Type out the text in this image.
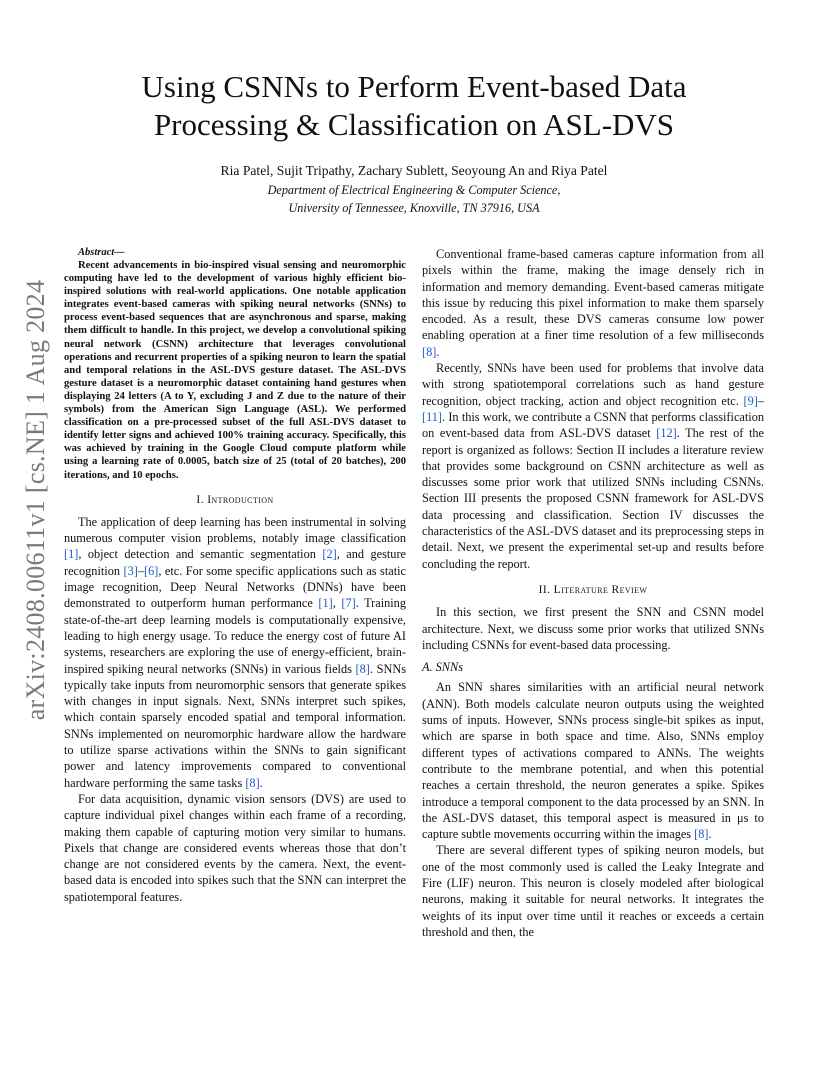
arXiv:2408.00611v1 [cs.NE] 1 Aug 2024
Using CSNNs to Perform Event-based Data
Processing & Classification on ASL-DVS
Ria Patel, Sujit Tripathy, Zachary Sublett, Seoyoung An and Riya Patel
Department of Electrical Engineering & Computer Science,
University of Tennessee, Knoxville, TN 37916, USA
Abstract—

Recent advancements in bio-inspired visual sensing and neuromorphic computing have led to the development of various highly efficient bio-inspired solutions with real-world applications. One notable application integrates event-based cameras with spiking neural networks (SNNs) to process event-based sequences that are asynchronous and sparse, making them difficult to handle. In this project, we develop a convolutional spiking neural network (CSNN) architecture that leverages convolutional operations and recurrent properties of a spiking neuron to learn the spatial and temporal relations in the ASL-DVS gesture dataset. The ASL-DVS gesture dataset is a neuromorphic dataset containing hand gestures when displaying 24 letters (A to Y, excluding J and Z due to the nature of their symbols) from the American Sign Language (ASL). We performed classification on a pre-processed subset of the full ASL-DVS dataset to identify letter signs and achieved 100% training accuracy. Specifically, this was achieved by training in the Google Cloud compute platform while using a learning rate of 0.0005, batch size of 25 (total of 20 batches), 200 iterations, and 10 epochs.

I. Introduction

The application of deep learning has been instrumental in solving numerous computer vision problems, notably image classification [1], object detection and semantic segmentation [2], and gesture recognition [3]–[6], etc. For some specific applications such as static image recognition, Deep Neural Networks (DNNs) have been demonstrated to outperform human performance [1], [7]. Training state-of-the-art deep learning models is computationally expensive, leading to high energy usage. To reduce the energy cost of future AI systems, researchers are exploring the use of energy-efficient, brain-inspired spiking neural networks (SNNs) in various fields [8]. SNNs typically take inputs from neuromorphic sensors that generate spikes with changes in input signals. Next, SNNs interpret such spikes, which contain sparsely encoded spatial and temporal information. SNNs implemented on neuromorphic hardware allow the hardware to utilize sparse activations within the SNNs to gain significant power and latency improvements compared to conventional hardware performing the same tasks [8].

For data acquisition, dynamic vision sensors (DVS) are used to capture individual pixel changes within each frame of a recording, making them capable of capturing motion very similar to humans. Pixels that change are considered events whereas those that don’t change are not considered events by the camera. Next, the event-based data is encoded into spikes such that the SNN can interpret the spatiotemporal features.

Conventional frame-based cameras capture information from all pixels within the frame, making the image densely rich in information and memory demanding. Event-based cameras mitigate this issue by reducing this pixel information to make them sparsely encoded. As a result, these DVS cameras consume low power enabling operation at a finer time resolution of a few milliseconds [8].

Recently, SNNs have been used for problems that involve data with strong spatiotemporal correlations such as hand gesture recognition, object tracking, action and object recognition etc. [9]–[11]. In this work, we contribute a CSNN that performs classification on event-based data from ASL-DVS dataset [12]. The rest of the report is organized as follows: Section II includes a literature review that provides some background on CSNN architecture as well as discusses some prior work that utilized SNNs including CSNNs. Section III presents the proposed CSNN framework for ASL-DVS data processing and classification. Section IV discusses the characteristics of the ASL-DVS dataset and its preprocessing steps in detail. Next, we present the experimental set-up and results before concluding the report.

II. Literature Review

In this section, we first present the SNN and CSNN model architecture. Next, we discuss some prior works that utilized SNNs including CSNNs for event-based data processing.

A. SNNs

An SNN shares similarities with an artificial neural network (ANN). Both models calculate neuron outputs using the weighted sums of inputs. However, SNNs process single-bit spikes as input, which are sparse in both space and time. Also, SNNs employ different types of activations compared to ANNs. The weights contribute to the membrane potential, and when this potential reaches a certain threshold, the neuron generates a spike. Spikes introduce a temporal component to the data processed by an SNN. In the ASL-DVS dataset, this temporal aspect is measured in μs to capture subtle movements occurring within the images [8].

There are several different types of spiking neuron models, but one of the most commonly used is called the Leaky Integrate and Fire (LIF) neuron. This neuron is closely modeled after biological neurons, making it suitable for neural networks. It integrates the weights of its input over time until it reaches or exceeds a certain threshold and then, the
